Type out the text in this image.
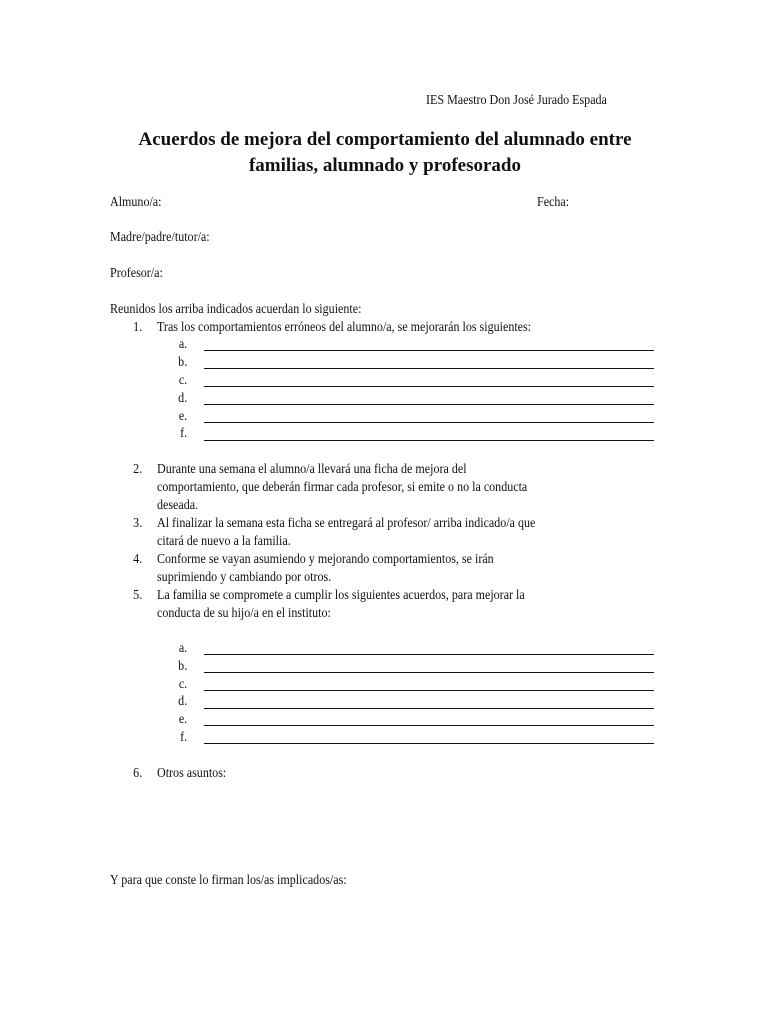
IES Maestro Don José Jurado Espada
Acuerdos de mejora del comportamiento del alumnado entre
familias, alumnado y profesorado
Almuno/a:	Fecha:
Madre/padre/tutor/a:
Profesor/a:
Reunidos los arriba indicados acuerdan lo siguiente:
1. Tras los comportamientos erróneos del alumno/a, se mejorarán los siguientes:
a.
b.
c.
d.
e.
f.
2. Durante una semana el alumno/a llevará una ficha de mejora del
comportamiento, que deberán firmar cada profesor, si emite o no la conducta
deseada.
3. Al finalizar la semana esta ficha se entregará al profesor/ arriba indicado/a que
citará de nuevo a la familia.
4. Conforme se vayan asumiendo y mejorando comportamientos, se irán
suprimiendo y cambiando por otros.
5. La familia se compromete a cumplir los siguientes acuerdos, para mejorar la
conducta de su hijo/a en el instituto:
a.
b.
c.
d.
e.
f.
6. Otros asuntos:
Y para que conste lo firman los/as implicados/as:
